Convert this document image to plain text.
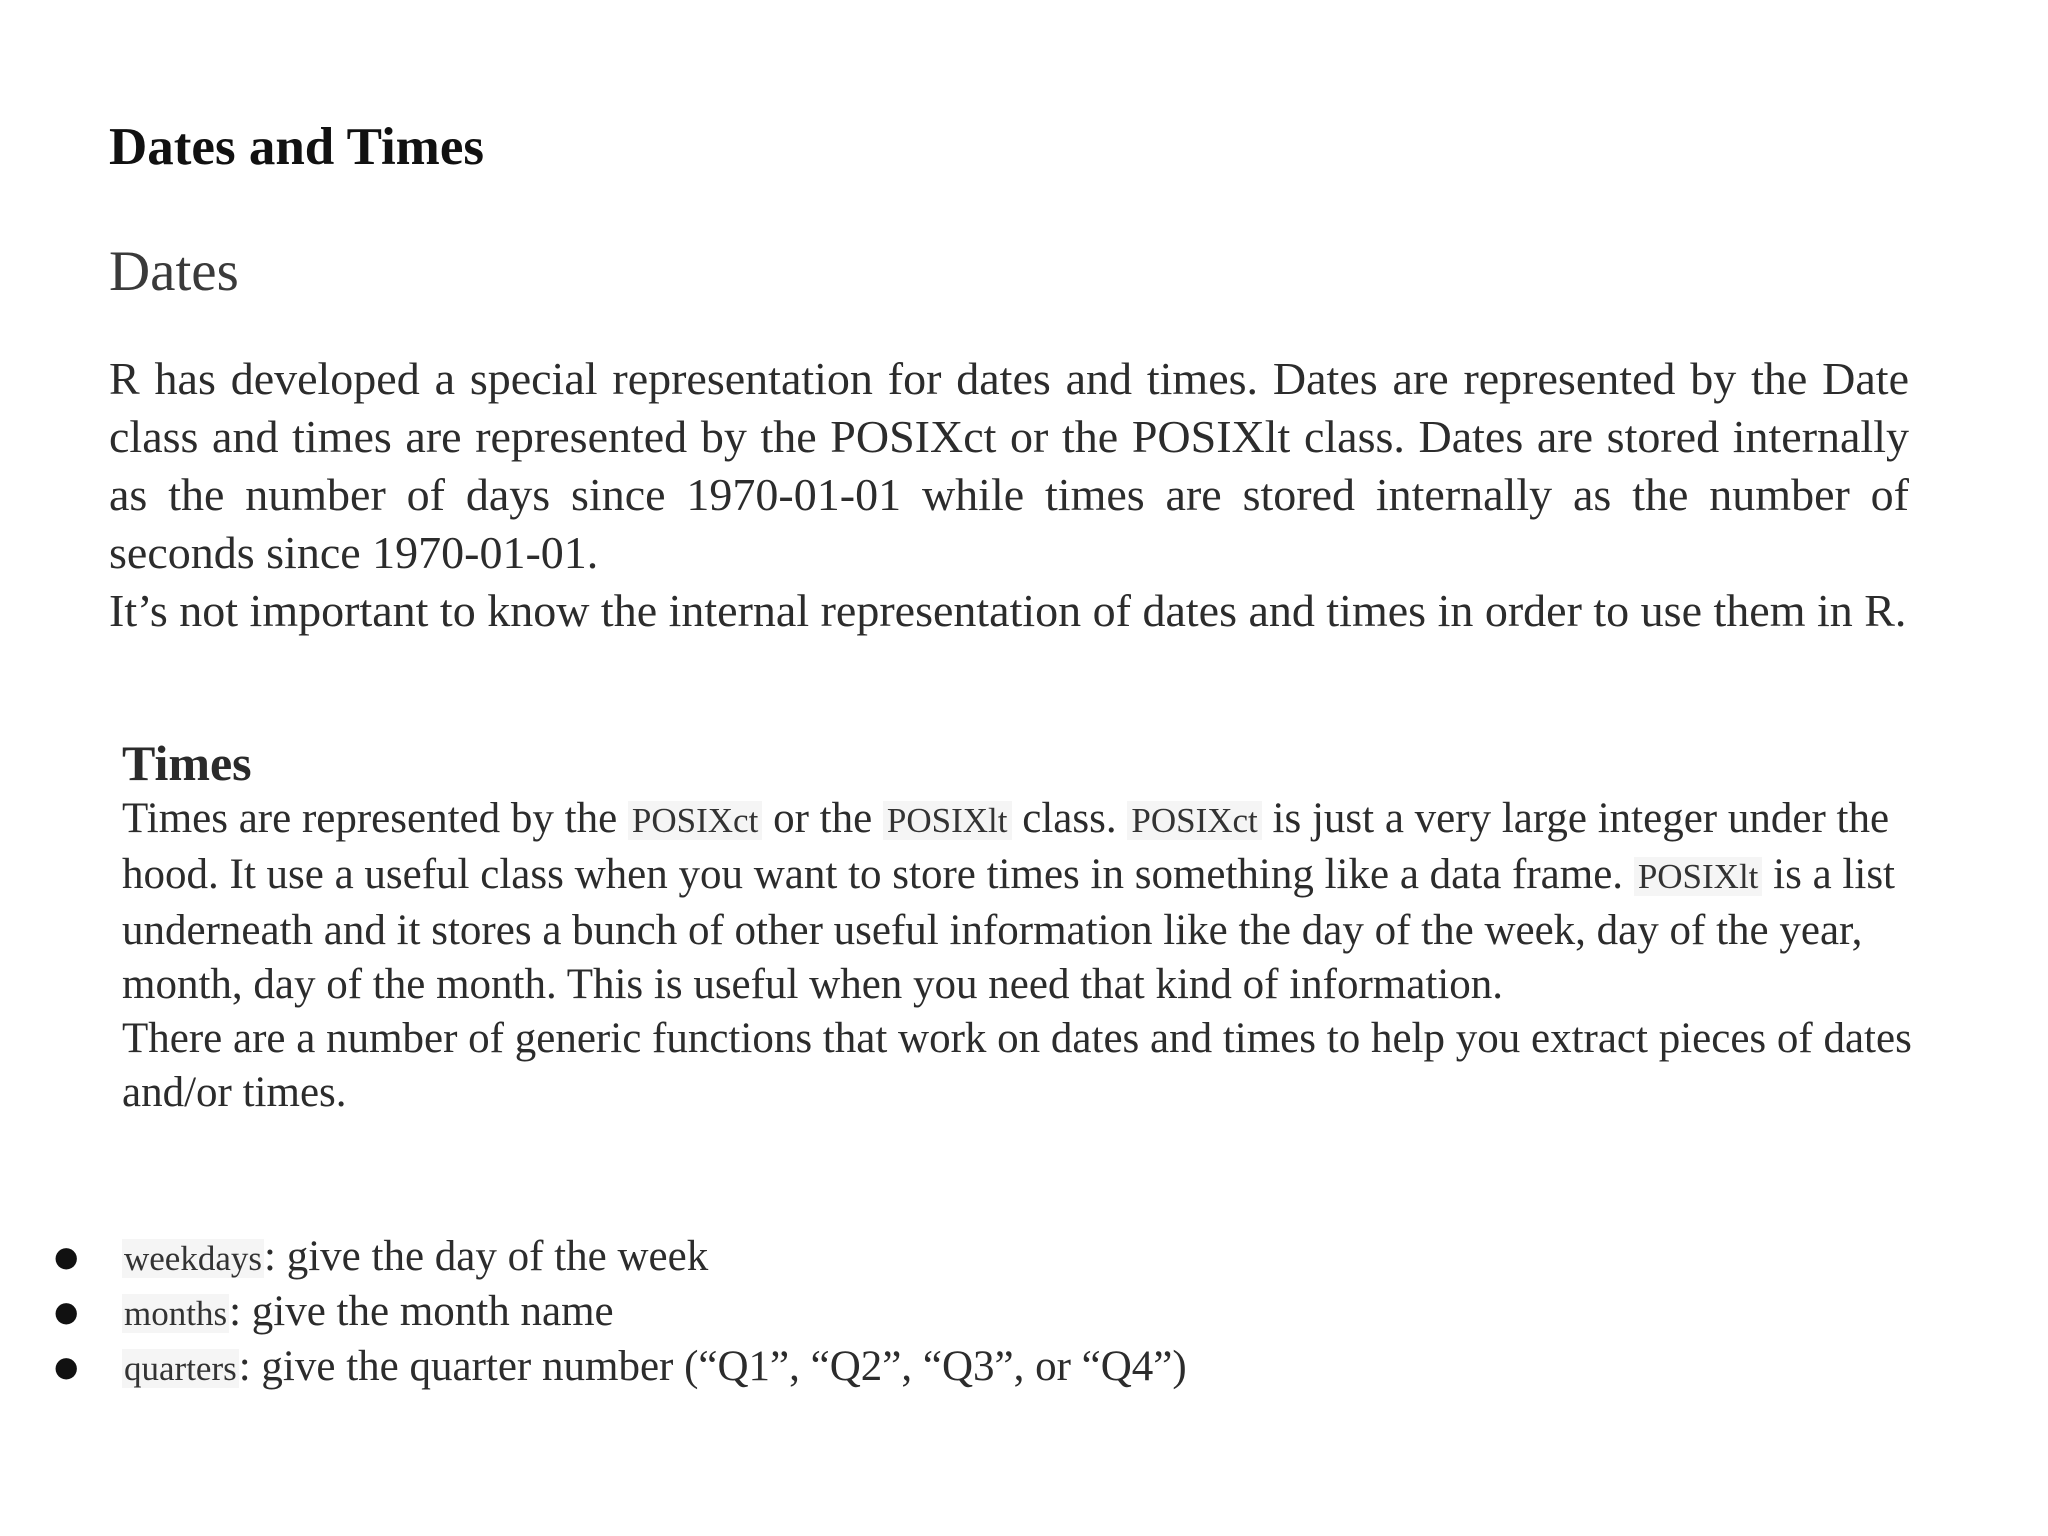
Dates and Times
Dates

R has developed a special representation for dates and times. Dates are represented by the Date class and times are represented by the POSIXct or the POSIXlt class. Dates are stored internally as the number of days since 1970-01-01 while times are stored internally as the number of seconds since 1970-01-01.

It’s not important to know the internal representation of dates and times in order to use them in R.

Times

Times are represented by the POSIXct or the POSIXlt class. POSIXct is just a very large integer under the hood. It use a useful class when you want to store times in something like a data frame. POSIXlt is a list underneath and it stores a bunch of other useful information like the day of the week, day of the year, month, day of the month. This is useful when you need that kind of information.

There are a number of generic functions that work on dates and times to help you extract pieces of dates and/or times.

● weekdays: give the day of the week
● months: give the month name
● quarters: give the quarter number (“Q1”, “Q2”, “Q3”, or “Q4”)
